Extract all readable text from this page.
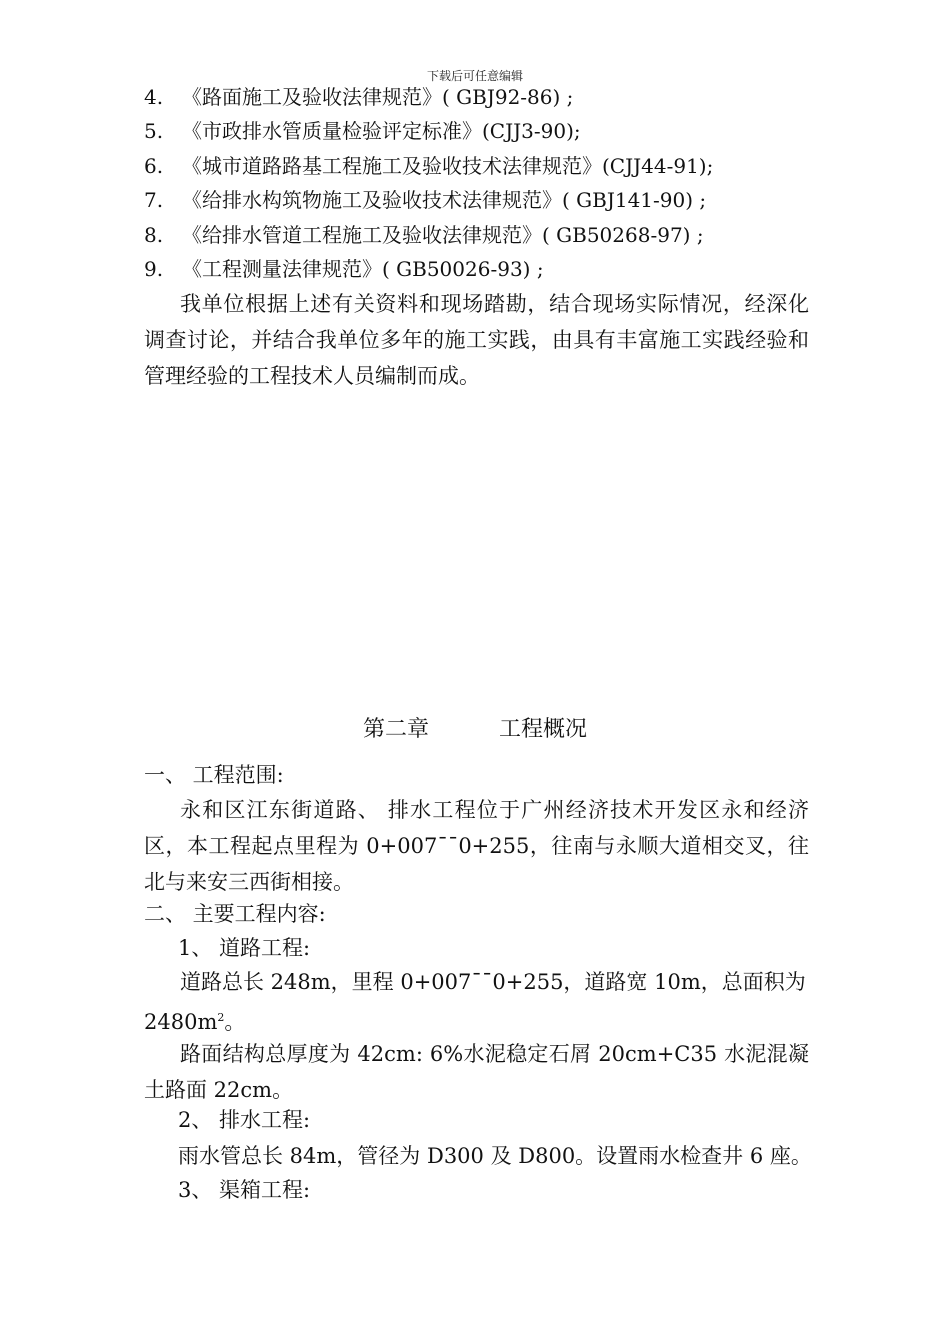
下载后可任意编辑
4. 《路面施工及验收法律规范》( GBJ92-86) ;
5. 《市政排水管质量检验评定标准》(CJJ3-90);
6. 《城市道路路基工程施工及验收技术法律规范》(CJJ44-91);
7. 《给排水构筑物施工及验收技术法律规范》( GBJ141-90) ;
8. 《给排水管道工程施工及验收法律规范》( GB50268-97) ;
9. 《工程测量法律规范》( GB50026-93) ;
我单位根据上述有关资料和现场踏勘，结合现场实际情况，经深化调查讨论，并结合我单位多年的施工实践，由具有丰富施工实践经验和管理经验的工程技术人员编制而成。
第二章	工程概况
一、 工程范围:
永和区江东街道路、 排水工程位于广州经济技术开发区永和经济区，本工程起点里程为 0+007¯¯0+255，往南与永顺大道相交叉，往北与来安三西街相接。
二、 主要工程内容:
1、 道路工程:
道路总长 248m，里程 0+007¯¯0+255，道路宽 10m，总面积为
$2480m^2$。
路面结构总厚度为 42cm: 6%水泥稳定石屑 20cm+C35 水泥混凝土路面 22cm。
2、 排水工程:
雨水管总长 84m，管径为 D300 及 D800。设置雨水检查井 6 座。
3、 渠箱工程:
